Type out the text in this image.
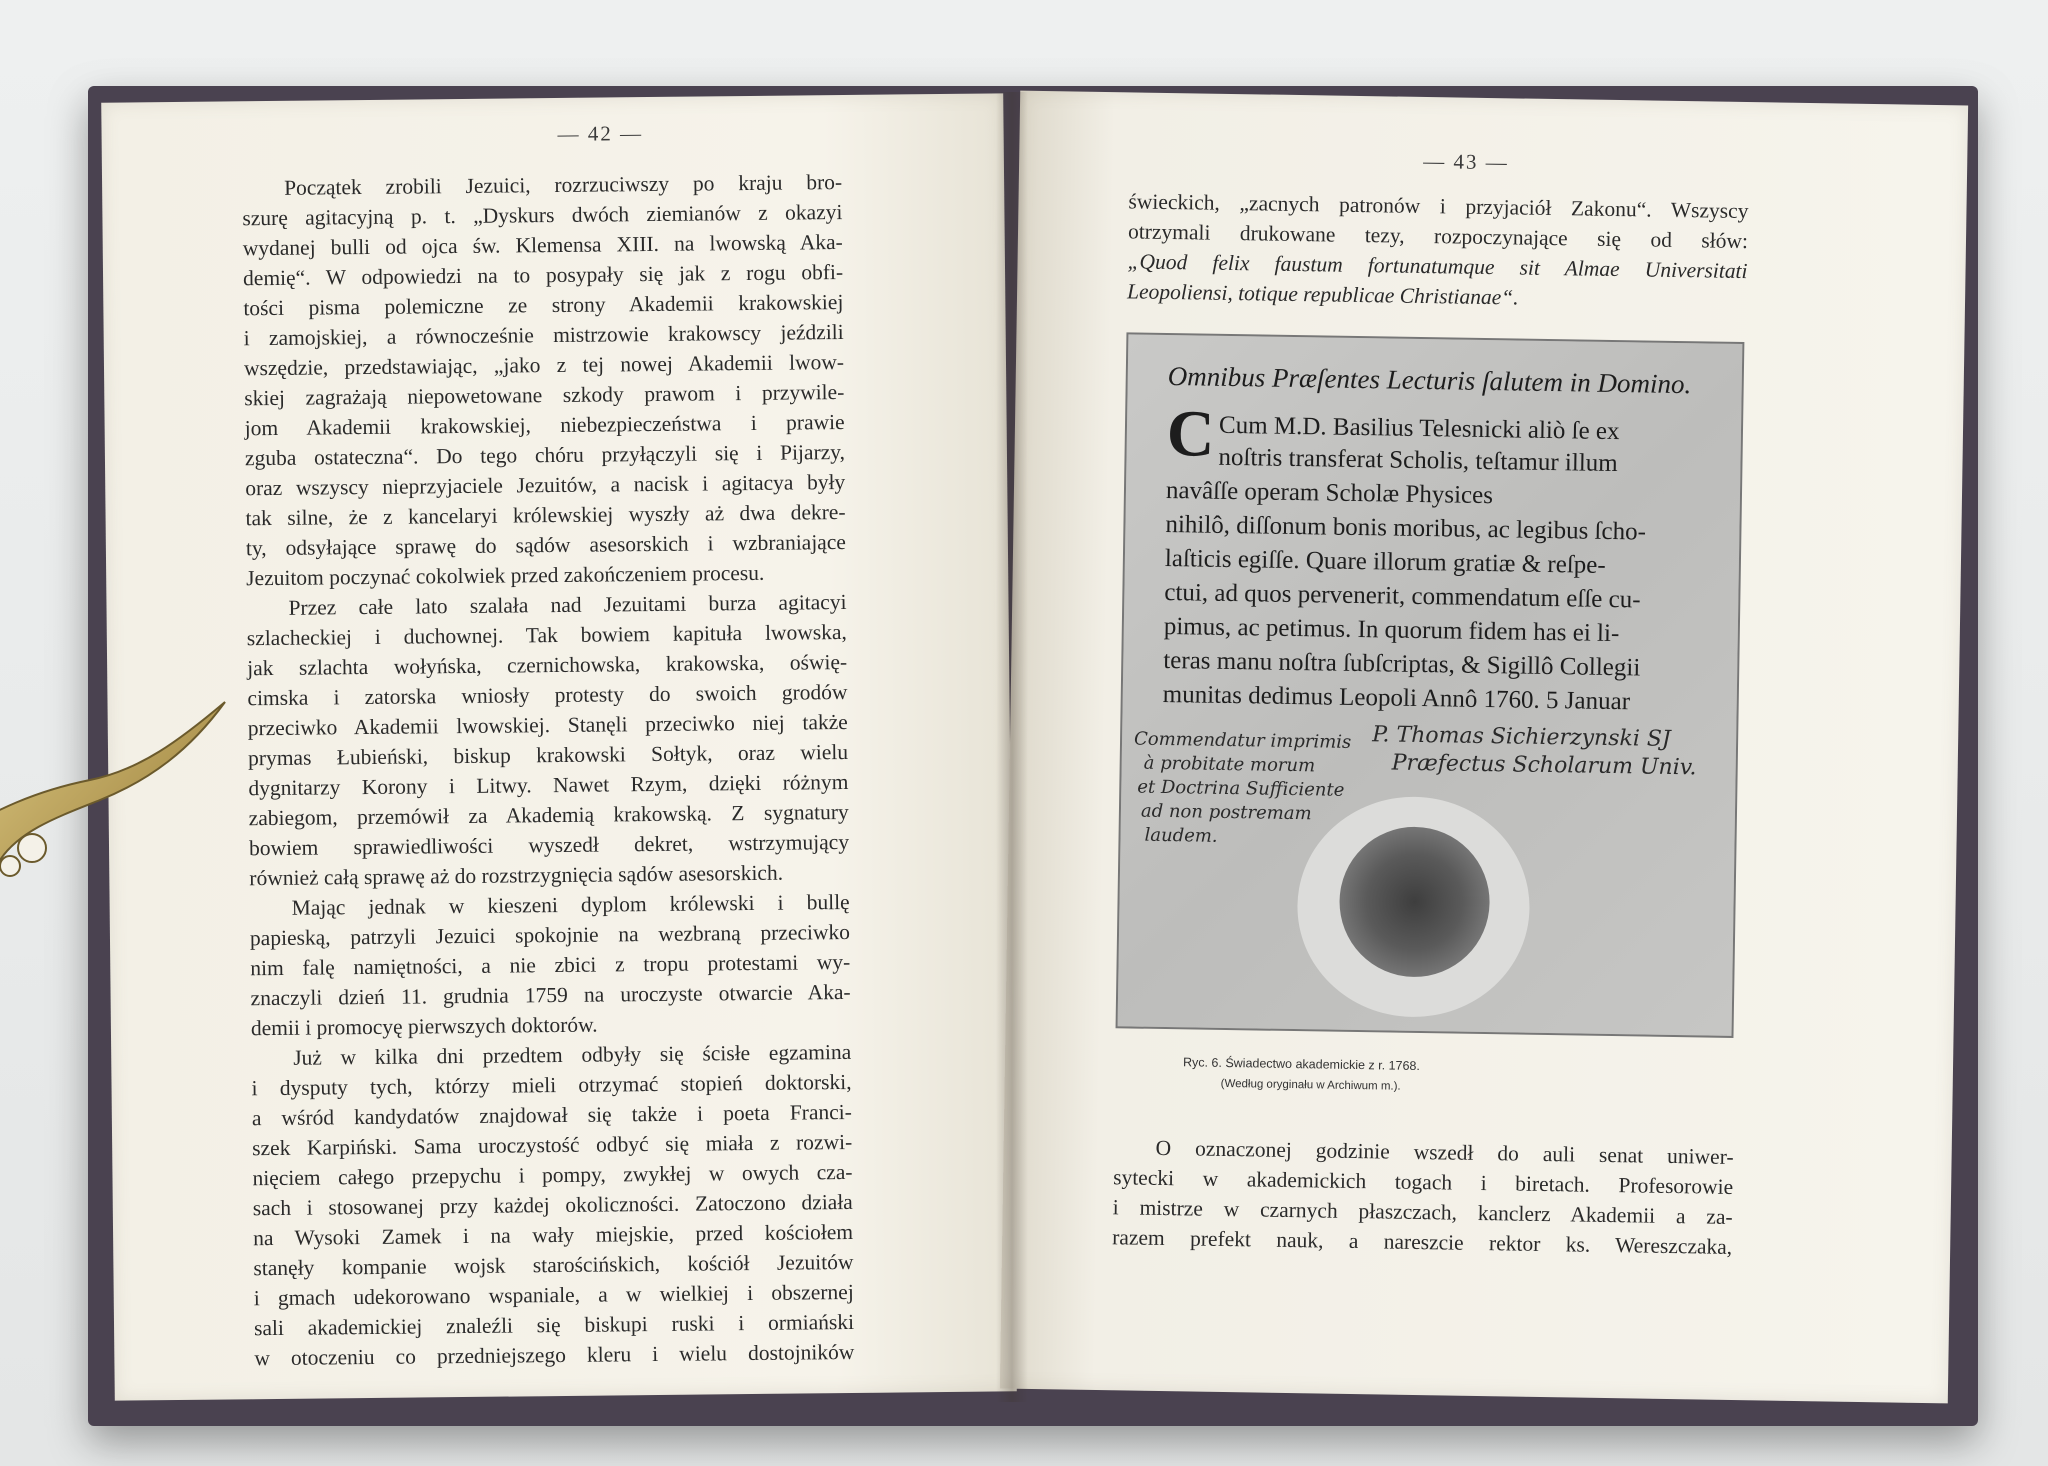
— 42 —

Początek zrobili Jezuici, rozrzuciwszy po kraju bro-

szurę agitacyjną p. t. „Dyskurs dwóch ziemianów z okazyi

wydanej bulli od ojca św. Klemensa XIII. na lwowską Aka-

demię“. W odpowiedzi na to posypały się jak z rogu obfi-

tości pisma polemiczne ze strony Akademii krakowskiej

i zamojskiej, a równocześnie mistrzowie krakowscy jeździli

wszędzie, przedstawiając, „jako z tej nowej Akademii lwow-

skiej zagrażają niepowetowane szkody prawom i przywile-

jom Akademii krakowskiej, niebezpieczeństwa i prawie

zguba ostateczna“. Do tego chóru przyłączyli się i Pijarzy,

oraz wszyscy nieprzyjaciele Jezuitów, a nacisk i agitacya były

tak silne, że z kancelaryi królewskiej wyszły aż dwa dekre-

ty, odsyłające sprawę do sądów asesorskich i wzbraniające

Jezuitom poczynać cokolwiek przed zakończeniem procesu.

Przez całe lato szalała nad Jezuitami burza agitacyi

szlacheckiej i duchownej. Tak bowiem kapituła lwowska,

jak szlachta wołyńska, czernichowska, krakowska, oświę-

cimska i zatorska wniosły protesty do swoich grodów

przeciwko Akademii lwowskiej. Stanęli przeciwko niej także

prymas Łubieński, biskup krakowski Sołtyk, oraz wielu

dygnitarzy Korony i Litwy. Nawet Rzym, dzięki różnym

zabiegom, przemówił za Akademią krakowską. Z sygnatury

bowiem sprawiedliwości wyszedł dekret, wstrzymujący

również całą sprawę aż do rozstrzygnięcia sądów asesorskich.

Mając jednak w kieszeni dyplom królewski i bullę

papieską, patrzyli Jezuici spokojnie na wezbraną przeciwko

nim falę namiętności, a nie zbici z tropu protestami wy-

znaczyli dzień 11. grudnia 1759 na uroczyste otwarcie Aka-

demii i promocyę pierwszych doktorów.

Już w kilka dni przedtem odbyły się ścisłe egzamina

i dysputy tych, którzy mieli otrzymać stopień doktorski,

a wśród kandydatów znajdował się także i poeta Franci-

szek Karpiński. Sama uroczystość odbyć się miała z rozwi-

nięciem całego przepychu i pompy, zwykłej w owych cza-

sach i stosowanej przy każdej okoliczności. Zatoczono działa

na Wysoki Zamek i na wały miejskie, przed kościołem

stanęły kompanie wojsk starościńskich, kościół Jezuitów

i gmach udekorowano wspaniale, a w wielkiej i obszernej

sali akademickiej znaleźli się biskupi ruski i ormiański

w otoczeniu co przedniejszego kleru i wielu dostojników

— 43 —

świeckich, „zacnych patronów i przyjaciół Zakonu“. Wszyscy

otrzymali drukowane tezy, rozpoczynające się od słów:

„Quod felix faustum fortunatumque sit Almae Universitati

Leopoliensi, totique republicae Christianae“.

Omnibus Præſentes Lecturis ſalutem in Domino.

C Cum M.D. Basilius Telesnicki aliò ſe ex

noſtris transferat Scholis, teſtamur illum

navâſſe operam Scholæ Physices

nihilô, diſſonum bonis moribus, ac legibus ſcho-

laſticis egiſſe. Quare illorum gratiæ & reſpe-

ctui, ad quos pervenerit, commendatum eſſe cu-

pimus, ac petimus. In quorum fidem has ei li-

teras manu noſtra ſubſcriptas, & Sigillô Collegii

munitas dedimus Leopoli Annô 1760. 5 Januar

P. Thomas Sichierzynski SJ

Præfectus Scholarum Univ.

Commendatur imprimis

à probitate morum

et Doctrina Sufficiente

ad non postremam

laudem.

Ryc. 6. Świadectwo akademickie z r. 1768.

(Według oryginału w Archiwum m.).

O oznaczonej godzinie wszedł do auli senat uniwer-

sytecki w akademickich togach i biretach. Profesorowie

i mistrze w czarnych płaszczach, kanclerz Akademii a za-

razem prefekt nauk, a nareszcie rektor ks. Wereszczaka,
